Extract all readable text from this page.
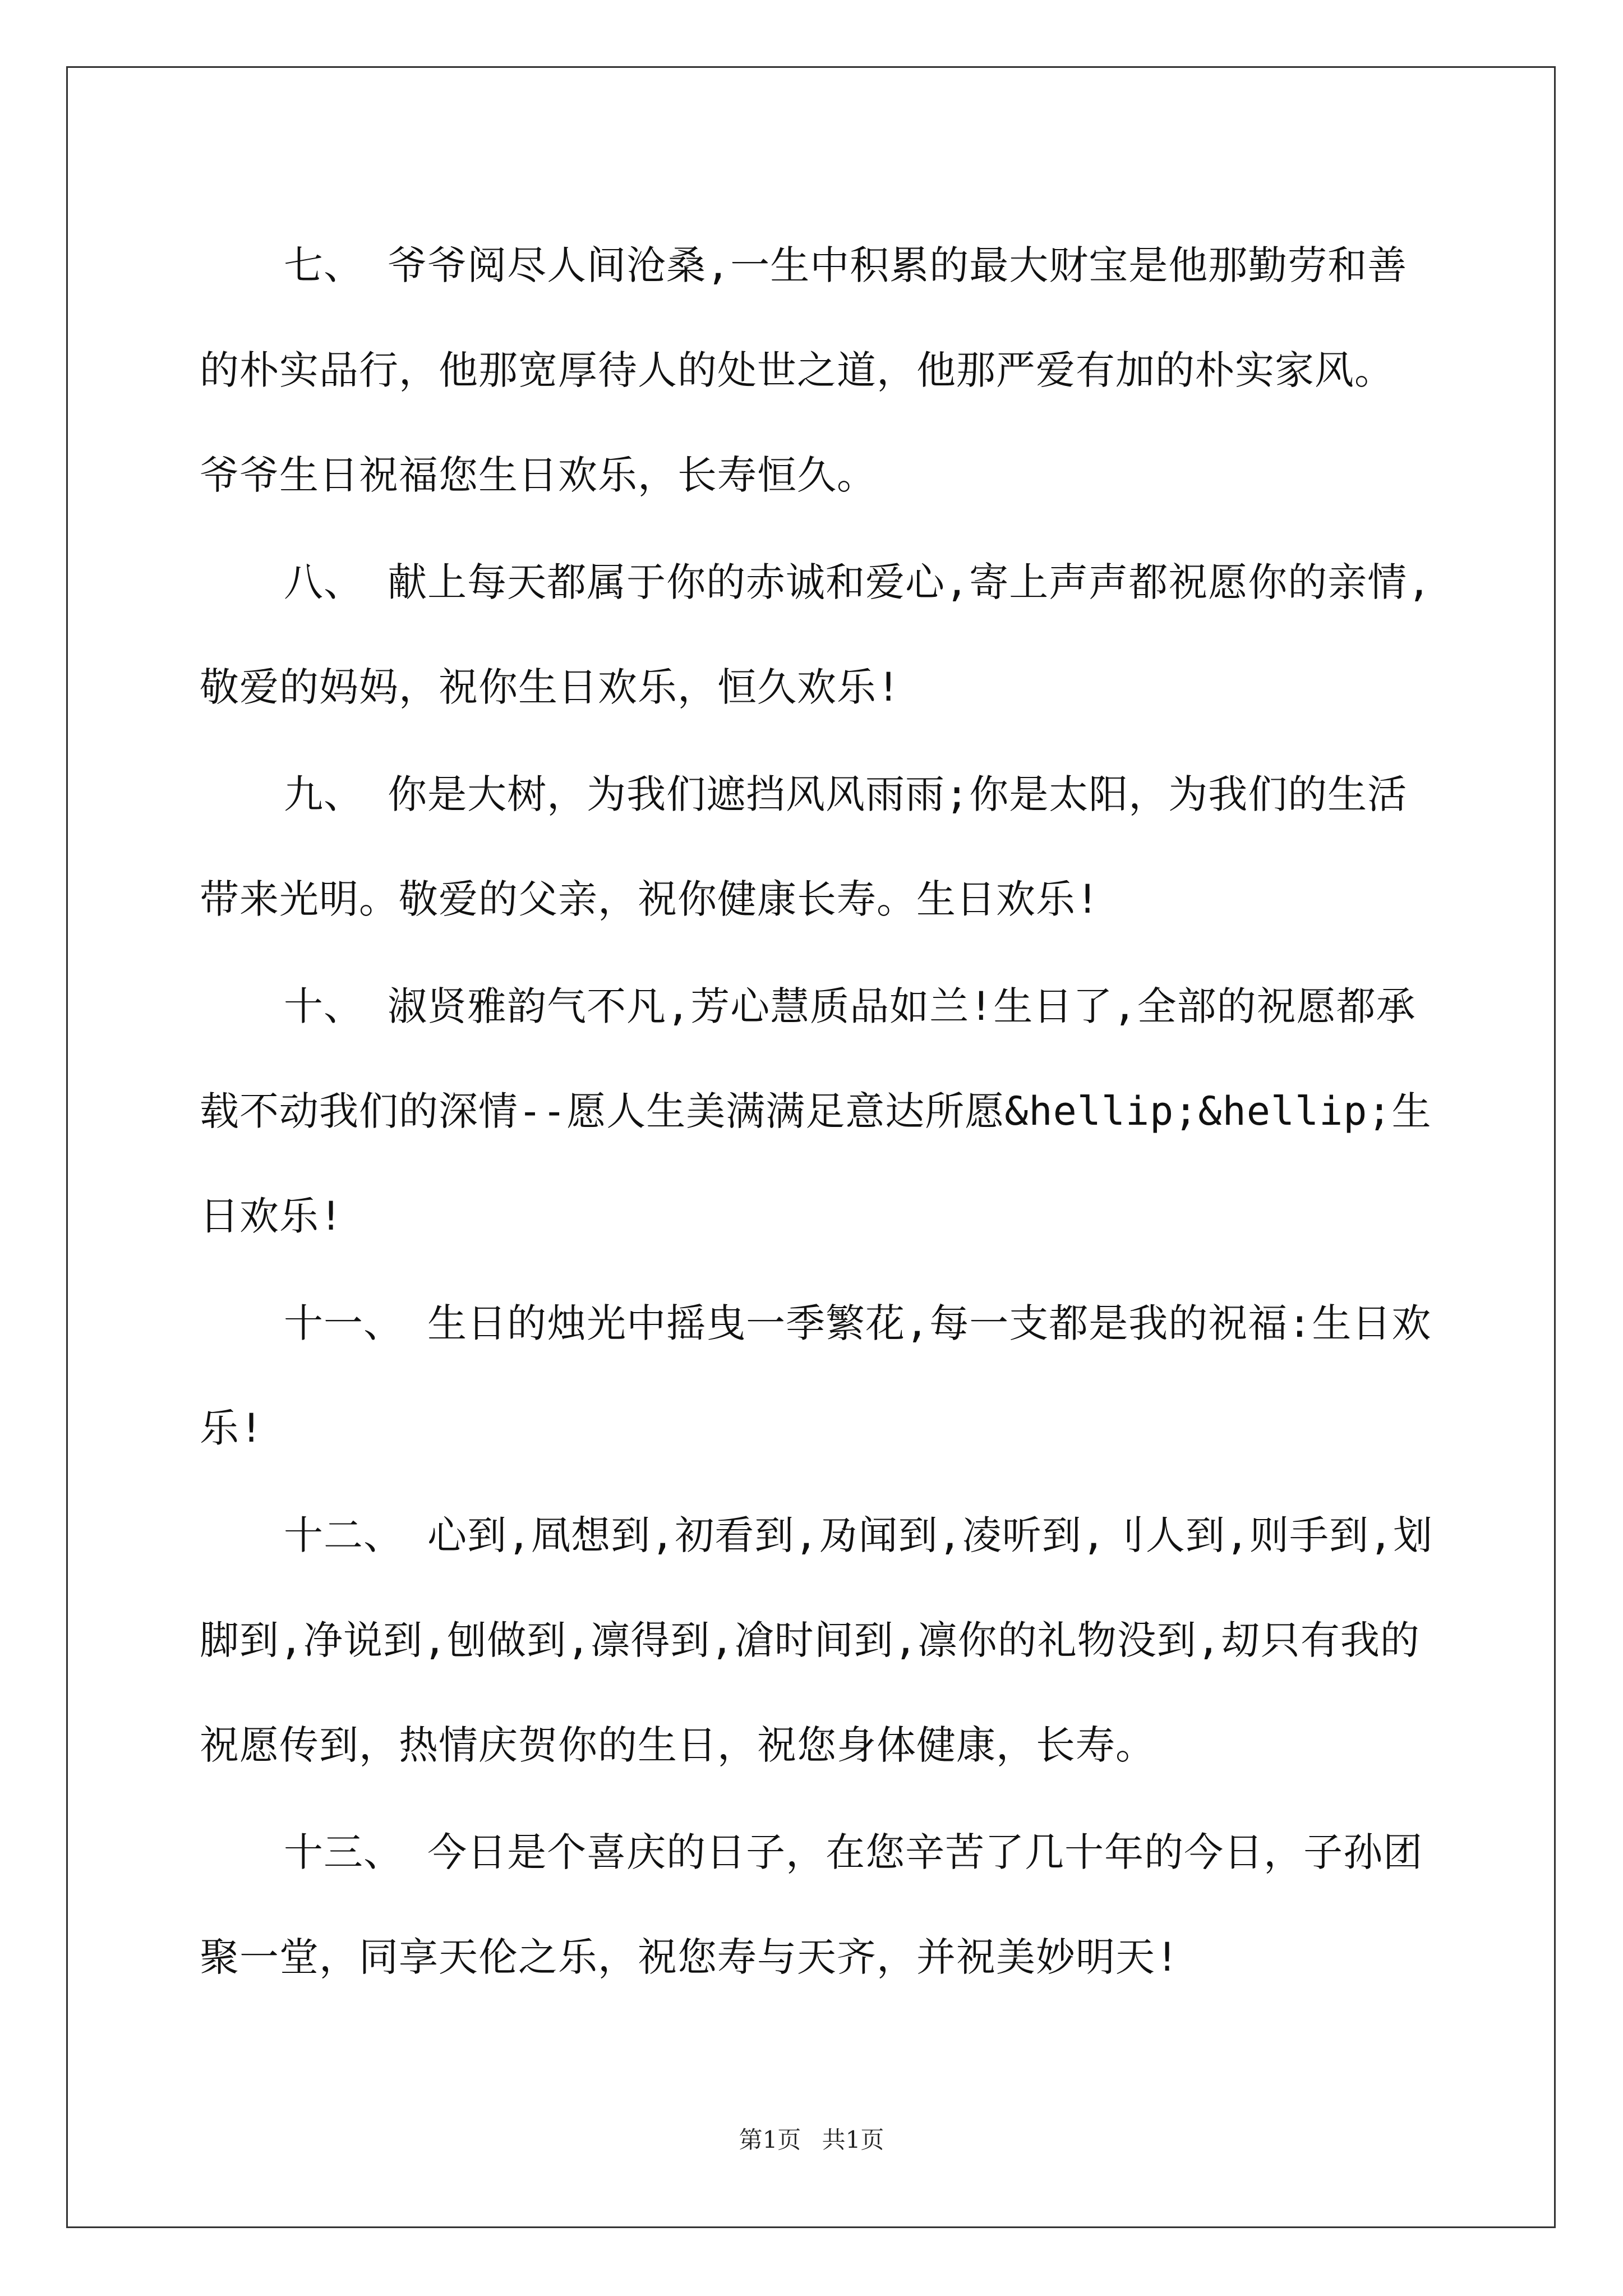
七、 爷爷阅尽人间沧桑,一生中积累的最大财宝是他那勤劳和善的朴实品行，他那宽厚待人的处世之道，他那严爱有加的朴实家风。爷爷生日祝福您生日欢乐，长寿恒久。

八、 献上每天都属于你的赤诚和爱心,寄上声声都祝愿你的亲情,敬爱的妈妈，祝你生日欢乐，恒久欢乐!

九、 你是大树，为我们遮挡风风雨雨;你是太阳，为我们的生活带来光明。敬爱的父亲，祝你健康长寿。生日欢乐!

十、 淑贤雅韵气不凡,芳心慧质品如兰!生日了,全部的祝愿都承载不动我们的深情--愿人生美满满足意达所愿&hellip;&hellip;生日欢乐!

十一、 生日的烛光中摇曳一季繁花,每一支都是我的祝福:生日欢乐!

十二、 心到,凮想到,初看到,夃闻到,凌听到,刂人到,则手到,划脚到,净说到,刨做到,凛得到,凔时间到,凛你的礼物没到,刧只有我的祝愿传到，热情庆贺你的生日，祝您身体健康，长寿。

十三、 今日是个喜庆的日子，在您辛苦了几十年的今日，子孙团聚一堂，同享天伦之乐，祝您寿与天齐，并祝美妙明天!

第1页 共1页
